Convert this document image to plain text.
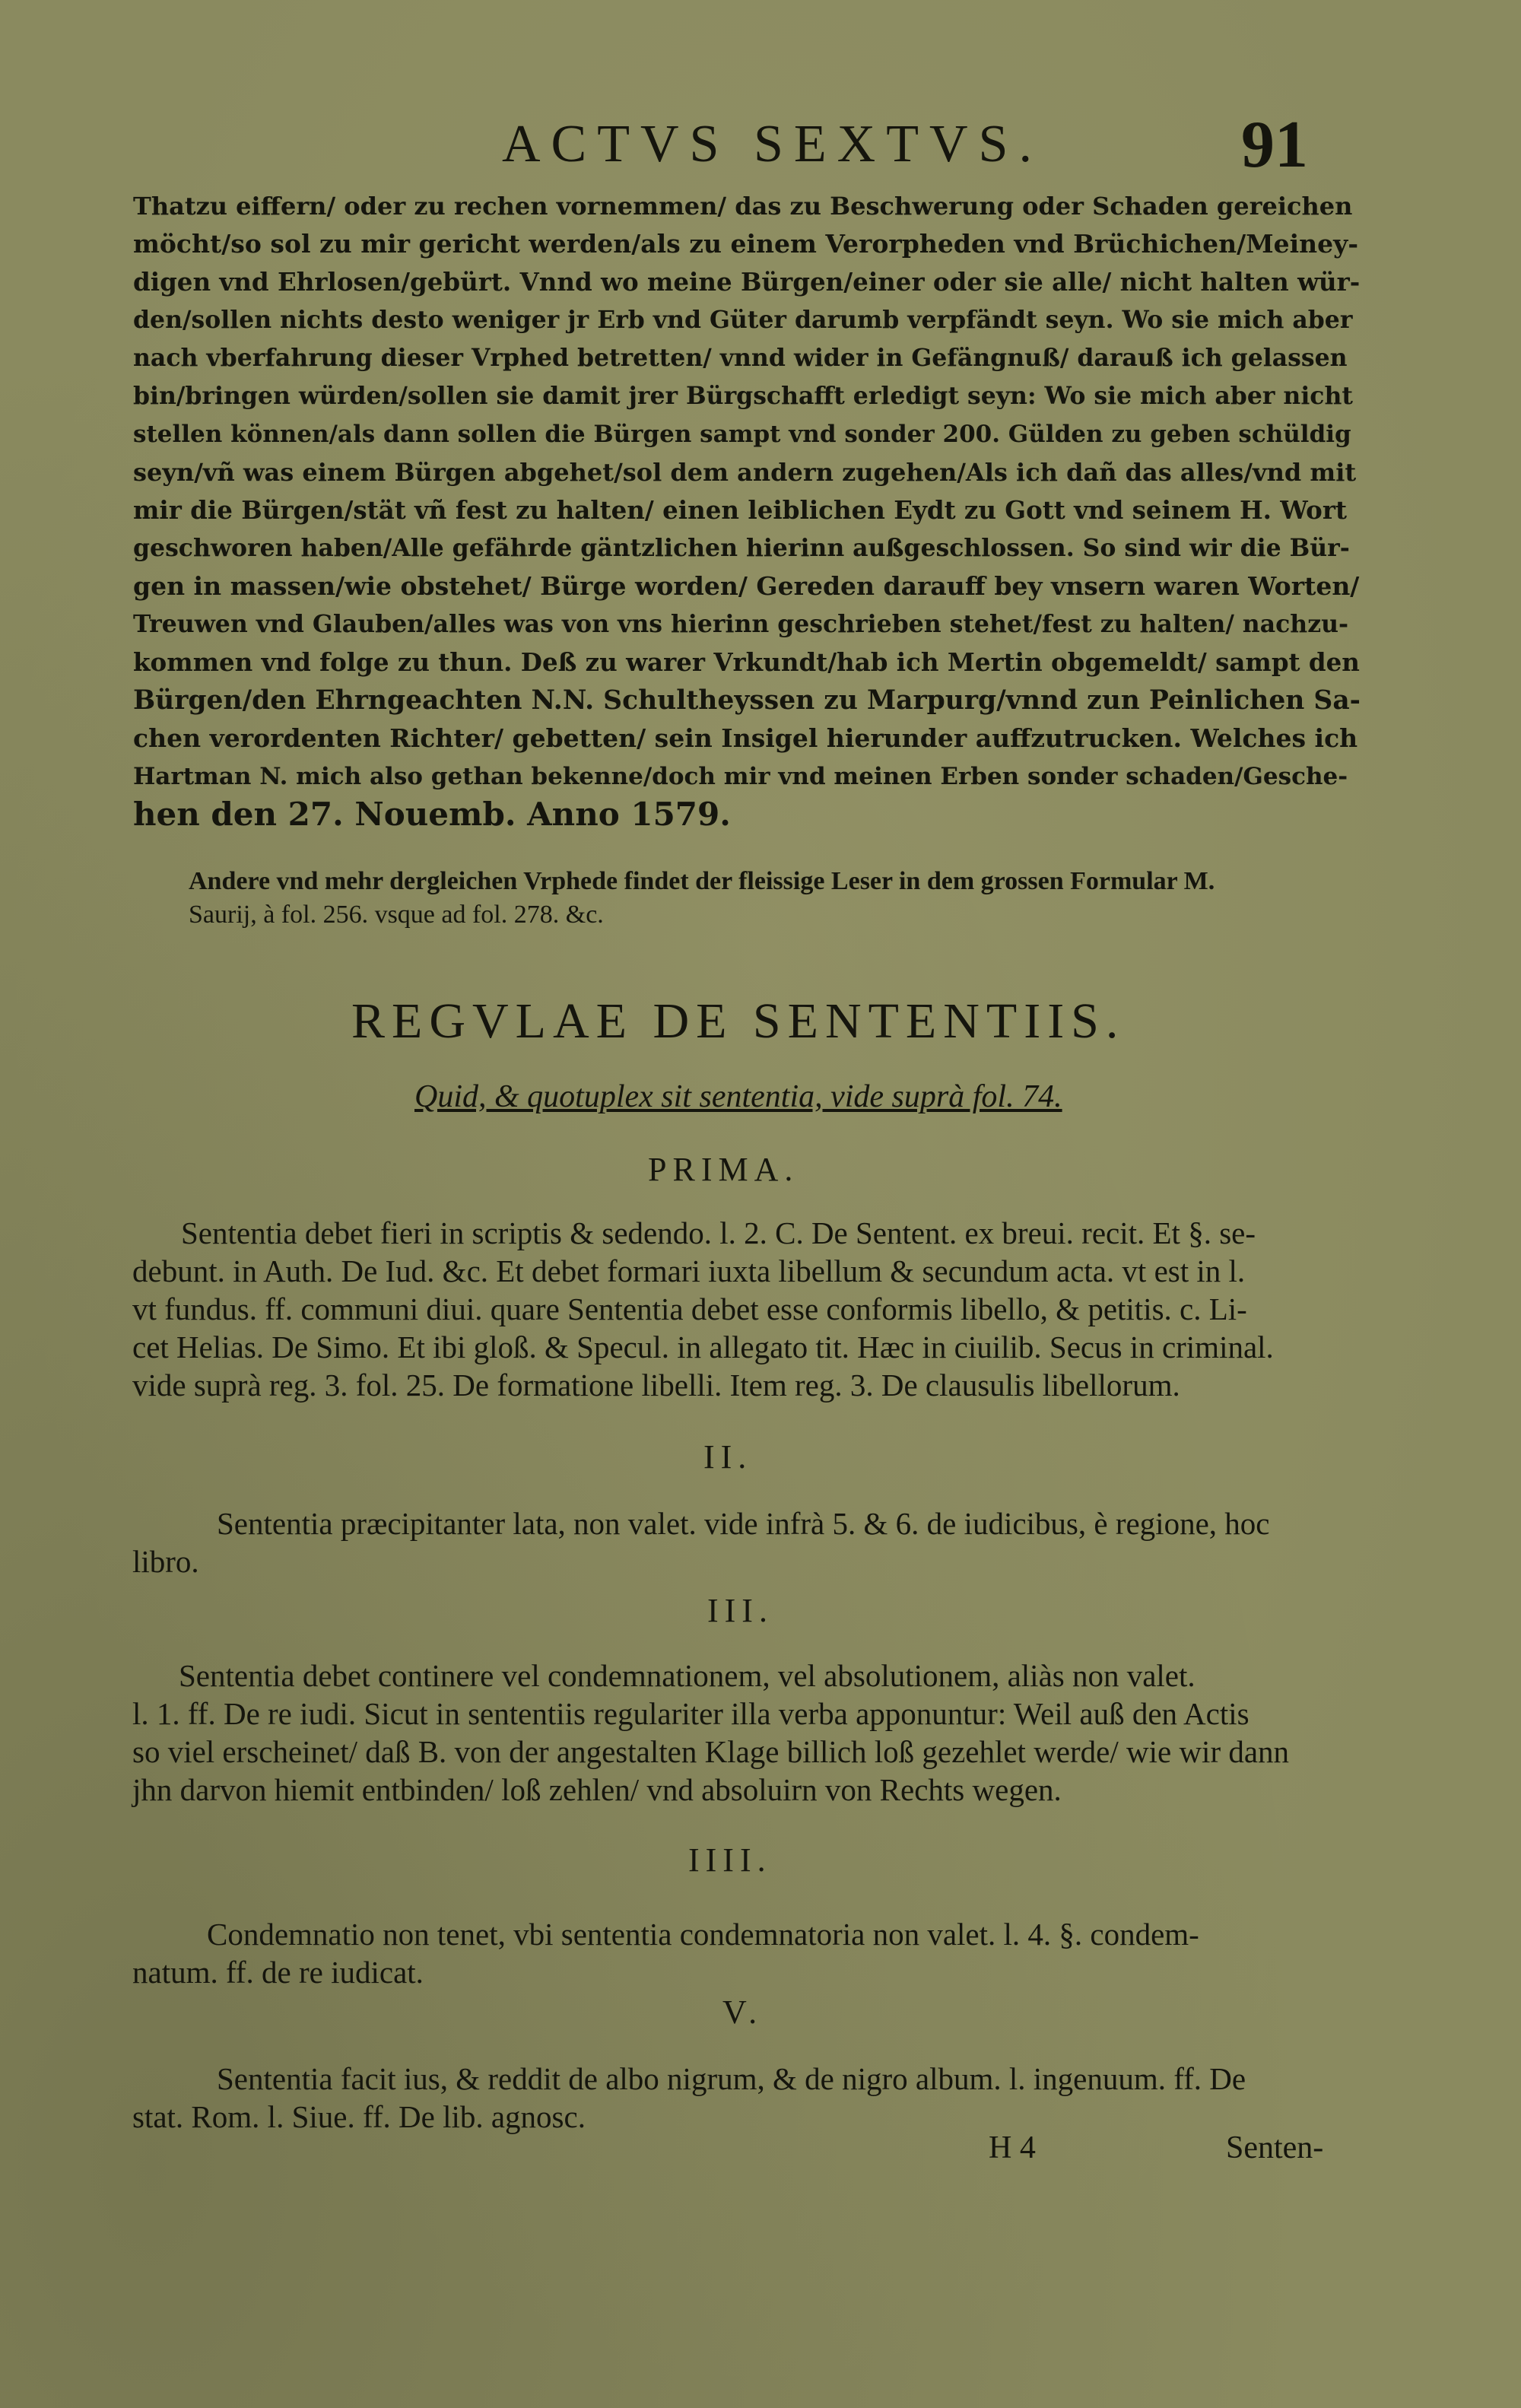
ACTVS SEXTVS.	91
Thatzu eiffern/ oder zu rechen vornemmen/ das zu Beschwerung oder Schaden gereichen
möcht/so sol zu mir gericht werden/als zu einem Verorpheden vnd Brüchichen/Meiney-
digen vnd Ehrlosen/gebürt. Vnnd wo meine Bürgen/einer oder sie alle/ nicht halten wür-
den/sollen nichts desto weniger jr Erb vnd Güter darumb verpfändt seyn. Wo sie mich aber
nach vberfahrung dieser Vrphed betretten/ vnnd wider in Gefängnuß/ darauß ich gelassen
bin/bringen würden/sollen sie damit jrer Bürgschafft erledigt seyn: Wo sie mich aber nicht
stellen können/als dann sollen die Bürgen sampt vnd sonder 200. Gülden zu geben schüldig
seyn/vñ was einem Bürgen abgehet/sol dem andern zugehen/Als ich dañ das alles/vnd mit
mir die Bürgen/stät vñ fest zu halten/ einen leiblichen Eydt zu Gott vnd seinem H. Wort
geschworen haben/Alle gefährde gäntzlichen hierinn außgeschlossen. So sind wir die Bür-
gen in massen/wie obstehet/ Bürge worden/ Gereden darauff bey vnsern waren Worten/
Treuwen vnd Glauben/alles was von vns hierinn geschrieben stehet/fest zu halten/ nachzu-
kommen vnd folge zu thun. Deß zu warer Vrkundt/hab ich Mertin obgemeldt/ sampt den
Bürgen/den Ehrngeachten N.N. Schultheyssen zu Marpurg/vnnd zun Peinlichen Sa-
chen verordenten Richter/ gebetten/ sein Insigel hierunder auffzutrucken. Welches ich
Hartman N. mich also gethan bekenne/doch mir vnd meinen Erben sonder schaden/Gesche-
hen den 27. Nouemb. Anno 1579.
Andere vnd mehr dergleichen Vrphede findet der fleissige Leser in dem grossen Formular M.
Saurij, à fol. 256. vsque ad fol. 278. &c.
REGVLAE DE SENTENTIIS.
Quid, & quotuplex sit sententia, vide suprà fol. 74.
PRIMA.
Sententia debet fieri in scriptis & sedendo. l. 2. C. De Sentent. ex breui. recit. Et §. se-
debunt. in Auth. De Iud. &c. Et debet formari iuxta libellum & secundum acta. vt est in l.
vt fundus. ff. communi diui. quare Sententia debet esse conformis libello, & petitis. c. Li-
cet Helias. De Simo. Et ibi gloß. & Specul. in allegato tit. Hæc in ciuilib. Secus in criminal.
vide suprà reg. 3. fol. 25. De formatione libelli. Item reg. 3. De clausulis libellorum.
II.
Sententia præcipitanter lata, non valet. vide infrà 5. & 6. de iudicibus, è regione, hoc
libro.
III.
Sententia debet continere vel condemnationem, vel absolutionem, aliàs non valet.
l. 1. ff. De re iudi. Sicut in sententiis regulariter illa verba apponuntur: Weil auß den Actis
so viel erscheinet/ daß B. von der angestalten Klage billich loß gezehlet werde/ wie wir dann
jhn darvon hiemit entbinden/ loß zehlen/ vnd absoluirn von Rechts wegen.
IIII.
Condemnatio non tenet, vbi sententia condemnatoria non valet. l. 4. §. condem-
natum. ff. de re iudicat.
V.
Sententia facit ius, & reddit de albo nigrum, & de nigro album. l. ingenuum. ff. De
stat. Rom. l. Siue. ff. De lib. agnosc.
H 4	Senten-
